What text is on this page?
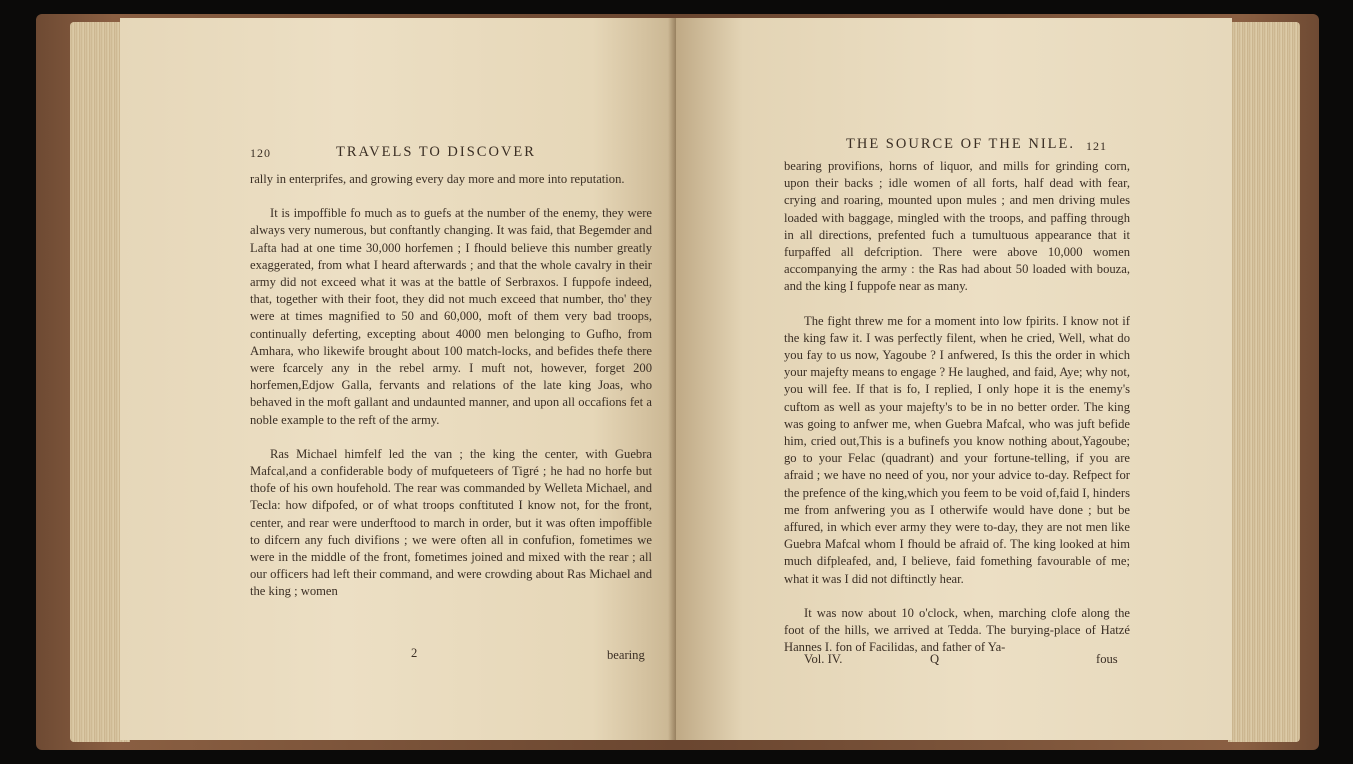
120	TRAVELS TO DISCOVER

rally in enterprifes, and growing every day more and more into reputation.

It is impoffible fo much as to guefs at the number of the enemy, they were always very numerous, but conftantly changing. It was faid, that Begemder and Lafta had at one time 30,000 horfemen ; I fhould believe this number greatly exaggerated, from what I heard afterwards ; and that the whole cavalry in their army did not exceed what it was at the battle of Serbraxos. I fuppofe indeed, that, together with their foot, they did not much exceed that number, tho' they were at times magnified to 50 and 60,000, moft of them very bad troops, continually deferting, excepting about 4000 men belonging to Gufho, from Amhara, who likewife brought about 100 match-locks, and befides thefe there were fcarcely any in the rebel army. I muft not, however, forget 200 horfemen,Edjow Galla, fervants and relations of the late king Joas, who behaved in the moft gallant and undaunted manner, and upon all occafions fet a noble example to the reft of the army.

Ras Michael himfelf led the van ; the king the center, with Guebra Mafcal,and a confiderable body of mufqueteers of Tigré ; he had no horfe but thofe of his own houfehold. The rear was commanded by Welleta Michael, and Tecla: how difpofed, or of what troops conftituted I know not, for the front, center, and rear were underftood to march in order, but it was often impoffible to difcern any fuch divifions ; we were often all in confufion, fometimes we were in the middle of the front, fometimes joined and mixed with the rear ; all our officers had left their command, and were crowding about Ras Michael and the king ; women

2	bearing
THE SOURCE OF THE NILE. 121

bearing provifions, horns of liquor, and mills for grinding corn, upon their backs ; idle women of all forts, half dead with fear, crying and roaring, mounted upon mules ; and men driving mules loaded with baggage, mingled with the troops, and paffing through in all directions, prefented fuch a tumultuous appearance that it furpaffed all defcription. There were above 10,000 women accompanying the army : the Ras had about 50 loaded with bouza, and the king I fuppofe near as many.

The fight threw me for a moment into low fpirits. I know not if the king faw it. I was perfectly filent, when he cried, Well, what do you fay to us now, Yagoube ? I anfwered, Is this the order in which your majefty means to engage ? He laughed, and faid, Aye; why not, you will fee. If that is fo, I replied, I only hope it is the enemy's cuftom as well as your majefty's to be in no better order. The king was going to anfwer me, when Guebra Mafcal, who was juft befide him, cried out,This is a bufinefs you know nothing about,Yagoube; go to your Felac (quadrant) and your fortune-telling, if you are afraid ; we have no need of you, nor your advice to-day. Refpect for the prefence of the king,which you feem to be void of,faid I, hinders me from anfwering you as I otherwife would have done ; but be affured, in which ever army they were to-day, they are not men like Guebra Mafcal whom I fhould be afraid of. The king looked at him much difpleafed, and, I believe, faid fomething favourable of me; what it was I did not diftinctly hear.

It was now about 10 o'clock, when, marching clofe along the foot of the hills, we arrived at Tedda. The burying-place of Hatzé Hannes I. fon of Facilidas, and father of Ya-

Vol. IV.	Q	fous
